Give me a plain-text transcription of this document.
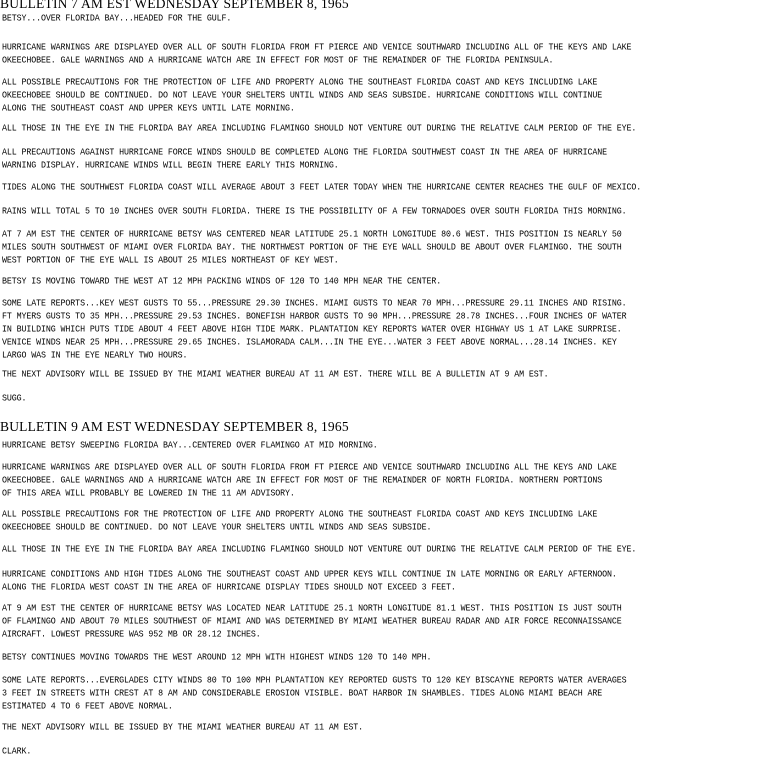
BULLETIN 7 AM EST WEDNESDAY SEPTEMBER 8, 1965
BETSY...OVER FLORIDA BAY...HEADED FOR THE GULF.
HURRICANE WARNINGS ARE DISPLAYED OVER ALL OF SOUTH FLORIDA FROM FT PIERCE AND VENICE SOUTHWARD INCLUDING ALL OF THE KEYS AND LAKE
OKEECHOBEE. GALE WARNINGS AND A HURRICANE WATCH ARE IN EFFECT FOR MOST OF THE REMAINDER OF THE FLORIDA PENINSULA.
ALL POSSIBLE PRECAUTIONS FOR THE PROTECTION OF LIFE AND PROPERTY ALONG THE SOUTHEAST FLORIDA COAST AND KEYS INCLUDING LAKE
OKEECHOBEE SHOULD BE CONTINUED. DO NOT LEAVE YOUR SHELTERS UNTIL WINDS AND SEAS SUBSIDE. HURRICANE CONDITIONS WILL CONTINUE
ALONG THE SOUTHEAST COAST AND UPPER KEYS UNTIL LATE MORNING.
ALL THOSE IN THE EYE IN THE FLORIDA BAY AREA INCLUDING FLAMINGO SHOULD NOT VENTURE OUT DURING THE RELATIVE CALM PERIOD OF THE EYE.
ALL PRECAUTIONS AGAINST HURRICANE FORCE WINDS SHOULD BE COMPLETED ALONG THE FLORIDA SOUTHWEST COAST IN THE AREA OF HURRICANE
WARNING DISPLAY. HURRICANE WINDS WILL BEGIN THERE EARLY THIS MORNING.
TIDES ALONG THE SOUTHWEST FLORIDA COAST WILL AVERAGE ABOUT 3 FEET LATER TODAY WHEN THE HURRICANE CENTER REACHES THE GULF OF MEXICO.
RAINS WILL TOTAL 5 TO 10 INCHES OVER SOUTH FLORIDA. THERE IS THE POSSIBILITY OF A FEW TORNADOES OVER SOUTH FLORIDA THIS MORNING.
AT 7 AM EST THE CENTER OF HURRICANE BETSY WAS CENTERED NEAR LATITUDE 25.1 NORTH LONGITUDE 80.6 WEST. THIS POSITION IS NEARLY 50
MILES SOUTH SOUTHWEST OF MIAMI OVER FLORIDA BAY. THE NORTHWEST PORTION OF THE EYE WALL SHOULD BE ABOUT OVER FLAMINGO. THE SOUTH
WEST PORTION OF THE EYE WALL IS ABOUT 25 MILES NORTHEAST OF KEY WEST.
BETSY IS MOVING TOWARD THE WEST AT 12 MPH PACKING WINDS OF 120 TO 140 MPH NEAR THE CENTER.
SOME LATE REPORTS...KEY WEST GUSTS TO 55...PRESSURE 29.30 INCHES. MIAMI GUSTS TO NEAR 70 MPH...PRESSURE 29.11 INCHES AND RISING.
FT MYERS GUSTS TO 35 MPH...PRESSURE 29.53 INCHES. BONEFISH HARBOR GUSTS TO 90 MPH...PRESSURE 28.78 INCHES...FOUR INCHES OF WATER
IN BUILDING WHICH PUTS TIDE ABOUT 4 FEET ABOVE HIGH TIDE MARK. PLANTATION KEY REPORTS WATER OVER HIGHWAY US 1 AT LAKE SURPRISE.
VENICE WINDS NEAR 25 MPH...PRESSURE 29.65 INCHES. ISLAMORADA CALM...IN THE EYE...WATER 3 FEET ABOVE NORMAL...28.14 INCHES. KEY
LARGO WAS IN THE EYE NEARLY TWO HOURS.
THE NEXT ADVISORY WILL BE ISSUED BY THE MIAMI WEATHER BUREAU AT 11 AM EST. THERE WILL BE A BULLETIN AT 9 AM EST.
SUGG.
BULLETIN 9 AM EST WEDNESDAY SEPTEMBER 8, 1965
HURRICANE BETSY SWEEPING FLORIDA BAY...CENTERED OVER FLAMINGO AT MID MORNING.
HURRICANE WARNINGS ARE DISPLAYED OVER ALL OF SOUTH FLORIDA FROM FT PIERCE AND VENICE SOUTHWARD INCLUDING ALL THE KEYS AND LAKE
OKEECHOBEE. GALE WARNINGS AND A HURRICANE WATCH ARE IN EFFECT FOR MOST OF THE REMAINDER OF NORTH FLORIDA. NORTHERN PORTIONS
OF THIS AREA WILL PROBABLY BE LOWERED IN THE 11 AM ADVISORY.
ALL POSSIBLE PRECAUTIONS FOR THE PROTECTION OF LIFE AND PROPERTY ALONG THE SOUTHEAST FLORIDA COAST AND KEYS INCLUDING LAKE
OKEECHOBEE SHOULD BE CONTINUED. DO NOT LEAVE YOUR SHELTERS UNTIL WINDS AND SEAS SUBSIDE.
ALL THOSE IN THE EYE IN THE FLORIDA BAY AREA INCLUDING FLAMINGO SHOULD NOT VENTURE OUT DURING THE RELATIVE CALM PERIOD OF THE EYE.
HURRICANE CONDITIONS AND HIGH TIDES ALONG THE SOUTHEAST COAST AND UPPER KEYS WILL CONTINUE IN LATE MORNING OR EARLY AFTERNOON.
ALONG THE FLORIDA WEST COAST IN THE AREA OF HURRICANE DISPLAY TIDES SHOULD NOT EXCEED 3 FEET.
AT 9 AM EST THE CENTER OF HURRICANE BETSY WAS LOCATED NEAR LATITUDE 25.1 NORTH LONGITUDE 81.1 WEST. THIS POSITION IS JUST SOUTH
OF FLAMINGO AND ABOUT 70 MILES SOUTHWEST OF MIAMI AND WAS DETERMINED BY MIAMI WEATHER BUREAU RADAR AND AIR FORCE RECONNAISSANCE
AIRCRAFT. LOWEST PRESSURE WAS 952 MB OR 28.12 INCHES.
BETSY CONTINUES MOVING TOWARDS THE WEST AROUND 12 MPH WITH HIGHEST WINDS 120 TO 140 MPH.
SOME LATE REPORTS...EVERGLADES CITY WINDS 80 TO 100 MPH PLANTATION KEY REPORTED GUSTS TO 120 KEY BISCAYNE REPORTS WATER AVERAGES
3 FEET IN STREETS WITH CREST AT 8 AM AND CONSIDERABLE EROSION VISIBLE. BOAT HARBOR IN SHAMBLES. TIDES ALONG MIAMI BEACH ARE
ESTIMATED 4 TO 6 FEET ABOVE NORMAL.
THE NEXT ADVISORY WILL BE ISSUED BY THE MIAMI WEATHER BUREAU AT 11 AM EST.
CLARK.
